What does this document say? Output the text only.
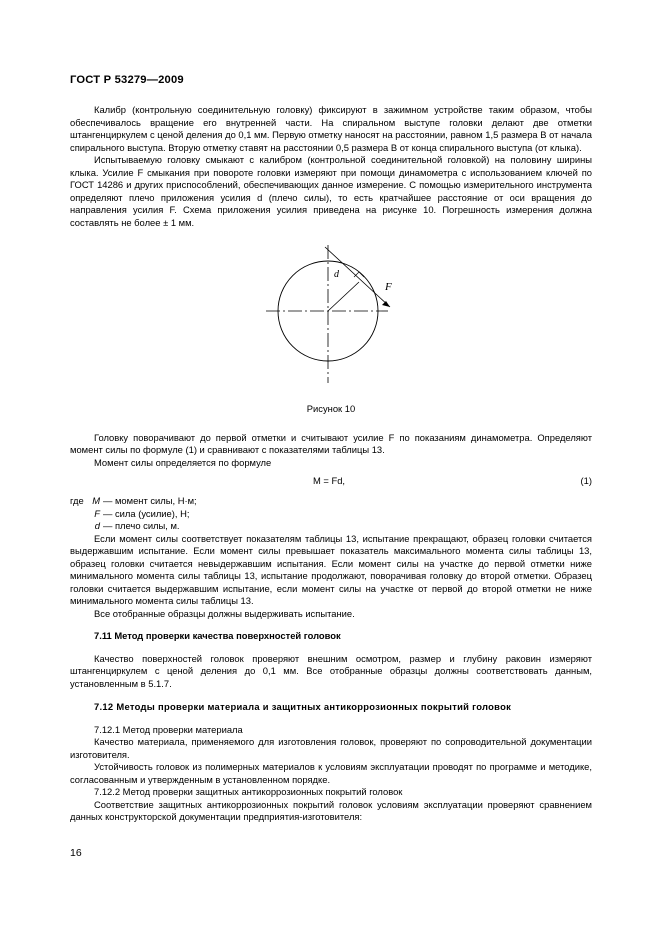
ГОСТ Р 53279—2009

Калибр (контрольную соединительную головку) фиксируют в зажимном устройстве таким образом, чтобы обеспечивалось вращение его внутренней части. На спиральном выступе головки делают две отметки штангенциркулем с ценой деления до 0,1 мм. Первую отметку наносят на расстоянии, равном 1,5 размера B от начала спирального выступа. Вторую отметку ставят на расстоянии 0,5 размера B от конца спирального выступа (от клыка).

Испытываемую головку смыкают с калибром (контрольной соединительной головкой) на половину ширины клыка. Усилие F смыкания при повороте головки измеряют при помощи динамометра с использованием ключей по ГОСТ 14286 и других приспособлений, обеспечивающих данное измерение. С помощью измерительного инструмента определяют плечо приложения усилия d (плечо силы), то есть кратчайшее расстояние от оси вращения до направления усилия F. Схема приложения усилия приведена на рисунке 10. Погрешность измерения должна составлять не более ± 1 мм.

d
F

Рисунок 10

Головку поворачивают до первой отметки и считывают усилие F по показаниям динамометра. Определяют момент силы по формуле (1) и сравнивают с показателями таблицы 13.

Момент силы определяется по формуле

M = Fd,	(1)
где M — момент силы, Н·м;
F — сила (усилие), Н;
d — плечо силы, м.

Если момент силы соответствует показателям таблицы 13, испытание прекращают, образец головки считается выдержавшим испытание. Если момент силы превышает показатель максимального момента силы таблицы 13, образец головки считается невыдержавшим испытания. Если момент силы на участке до первой отметки ниже минимального момента силы таблицы 13, испытание продолжают, поворачивая головку до второй отметки. Образец головки считается выдержавшим испытание, если момент силы на участке от первой до второй отметки не ниже минимального момента силы таблицы 13.

Все отобранные образцы должны выдерживать испытание.

7.11 Метод проверки качества поверхностей головок

Качество поверхностей головок проверяют внешним осмотром, размер и глубину раковин измеряют штангенциркулем с ценой деления до 0,1 мм. Все отобранные образцы должны соответствовать данным, установленным в 5.1.7.

7.12 Методы проверки материала и защитных антикоррозионных покрытий головок

7.12.1 Метод проверки материала

Качество материала, применяемого для изготовления головок, проверяют по сопроводительной документации изготовителя.

Устойчивость головок из полимерных материалов к условиям эксплуатации проводят по программе и методике, согласованным и утвержденным в установленном порядке.

7.12.2 Метод проверки защитных антикоррозионных покрытий головок

Соответствие защитных антикоррозионных покрытий головок условиям эксплуатации проверяют сравнением данных конструкторской документации предприятия-изготовителя:

16
